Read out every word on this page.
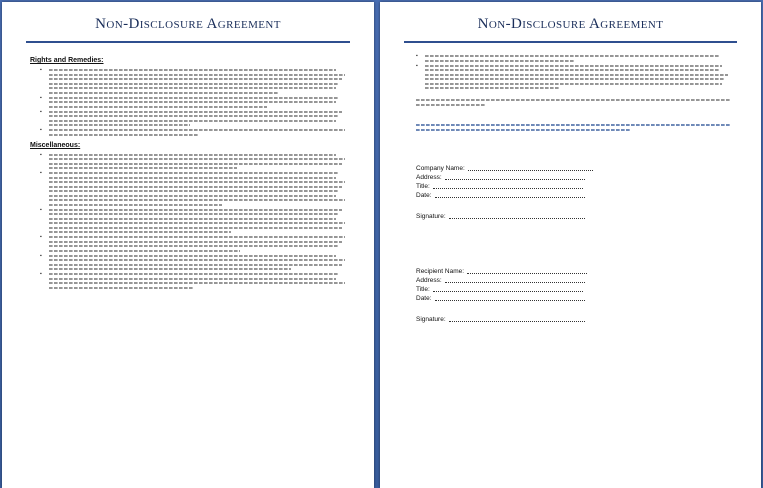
Non-Disclosure Agreement
Rights and Remedies:
▪
▪
▪
▪
Miscellaneous:
▪
▪
▪
▪
▪
▪
Non-Disclosure Agreement
▪
▪
Company Name:
Address:
Title:
Date:
Signature:
Recipient Name:
Address:
Title:
Date:
Signature:
